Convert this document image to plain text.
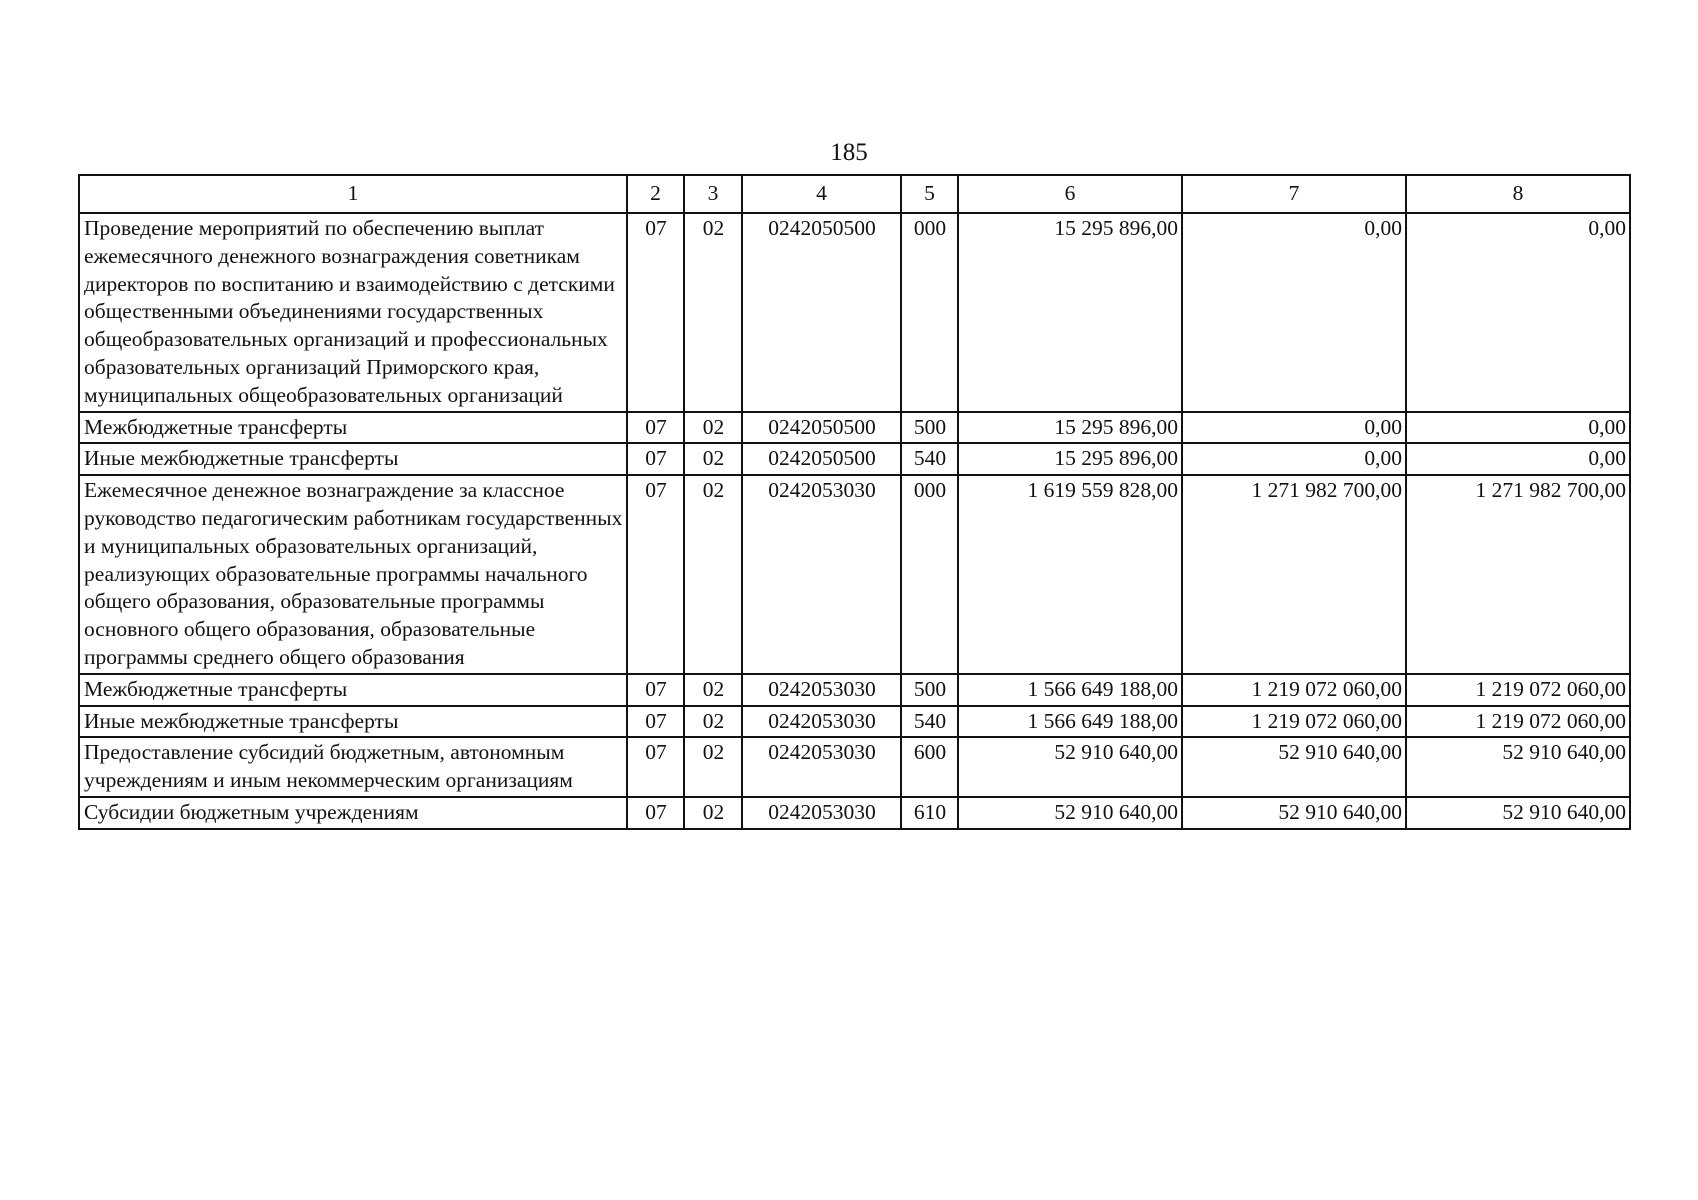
185
1	2	3	4	5	6	7	8
Проведение мероприятий по обеспечению выплат ежемесячного денежного вознаграждения советникам директоров по воспитанию и взаимодействию с детскими общественными объединениями государственных общеобразовательных организаций и профессиональных образовательных организаций Приморского края, муниципальных общеобразовательных организаций	07	02	0242050500	000	15 295 896,00	0,00	0,00
Межбюджетные трансферты	07	02	0242050500	500	15 295 896,00	0,00	0,00
Иные межбюджетные трансферты	07	02	0242050500	540	15 295 896,00	0,00	0,00
Ежемесячное денежное вознаграждение за классное руководство педагогическим работникам государственных и муниципальных образовательных организаций, реализующих образовательные программы начального общего образования, образовательные программы основного общего образования, образовательные программы среднего общего образования	07	02	0242053030	000	1 619 559 828,00	1 271 982 700,00	1 271 982 700,00
Межбюджетные трансферты	07	02	0242053030	500	1 566 649 188,00	1 219 072 060,00	1 219 072 060,00
Иные межбюджетные трансферты	07	02	0242053030	540	1 566 649 188,00	1 219 072 060,00	1 219 072 060,00
Предоставление субсидий бюджетным, автономным учреждениям и иным некоммерческим организациям	07	02	0242053030	600	52 910 640,00	52 910 640,00	52 910 640,00
Субсидии бюджетным учреждениям	07	02	0242053030	610	52 910 640,00	52 910 640,00	52 910 640,00
